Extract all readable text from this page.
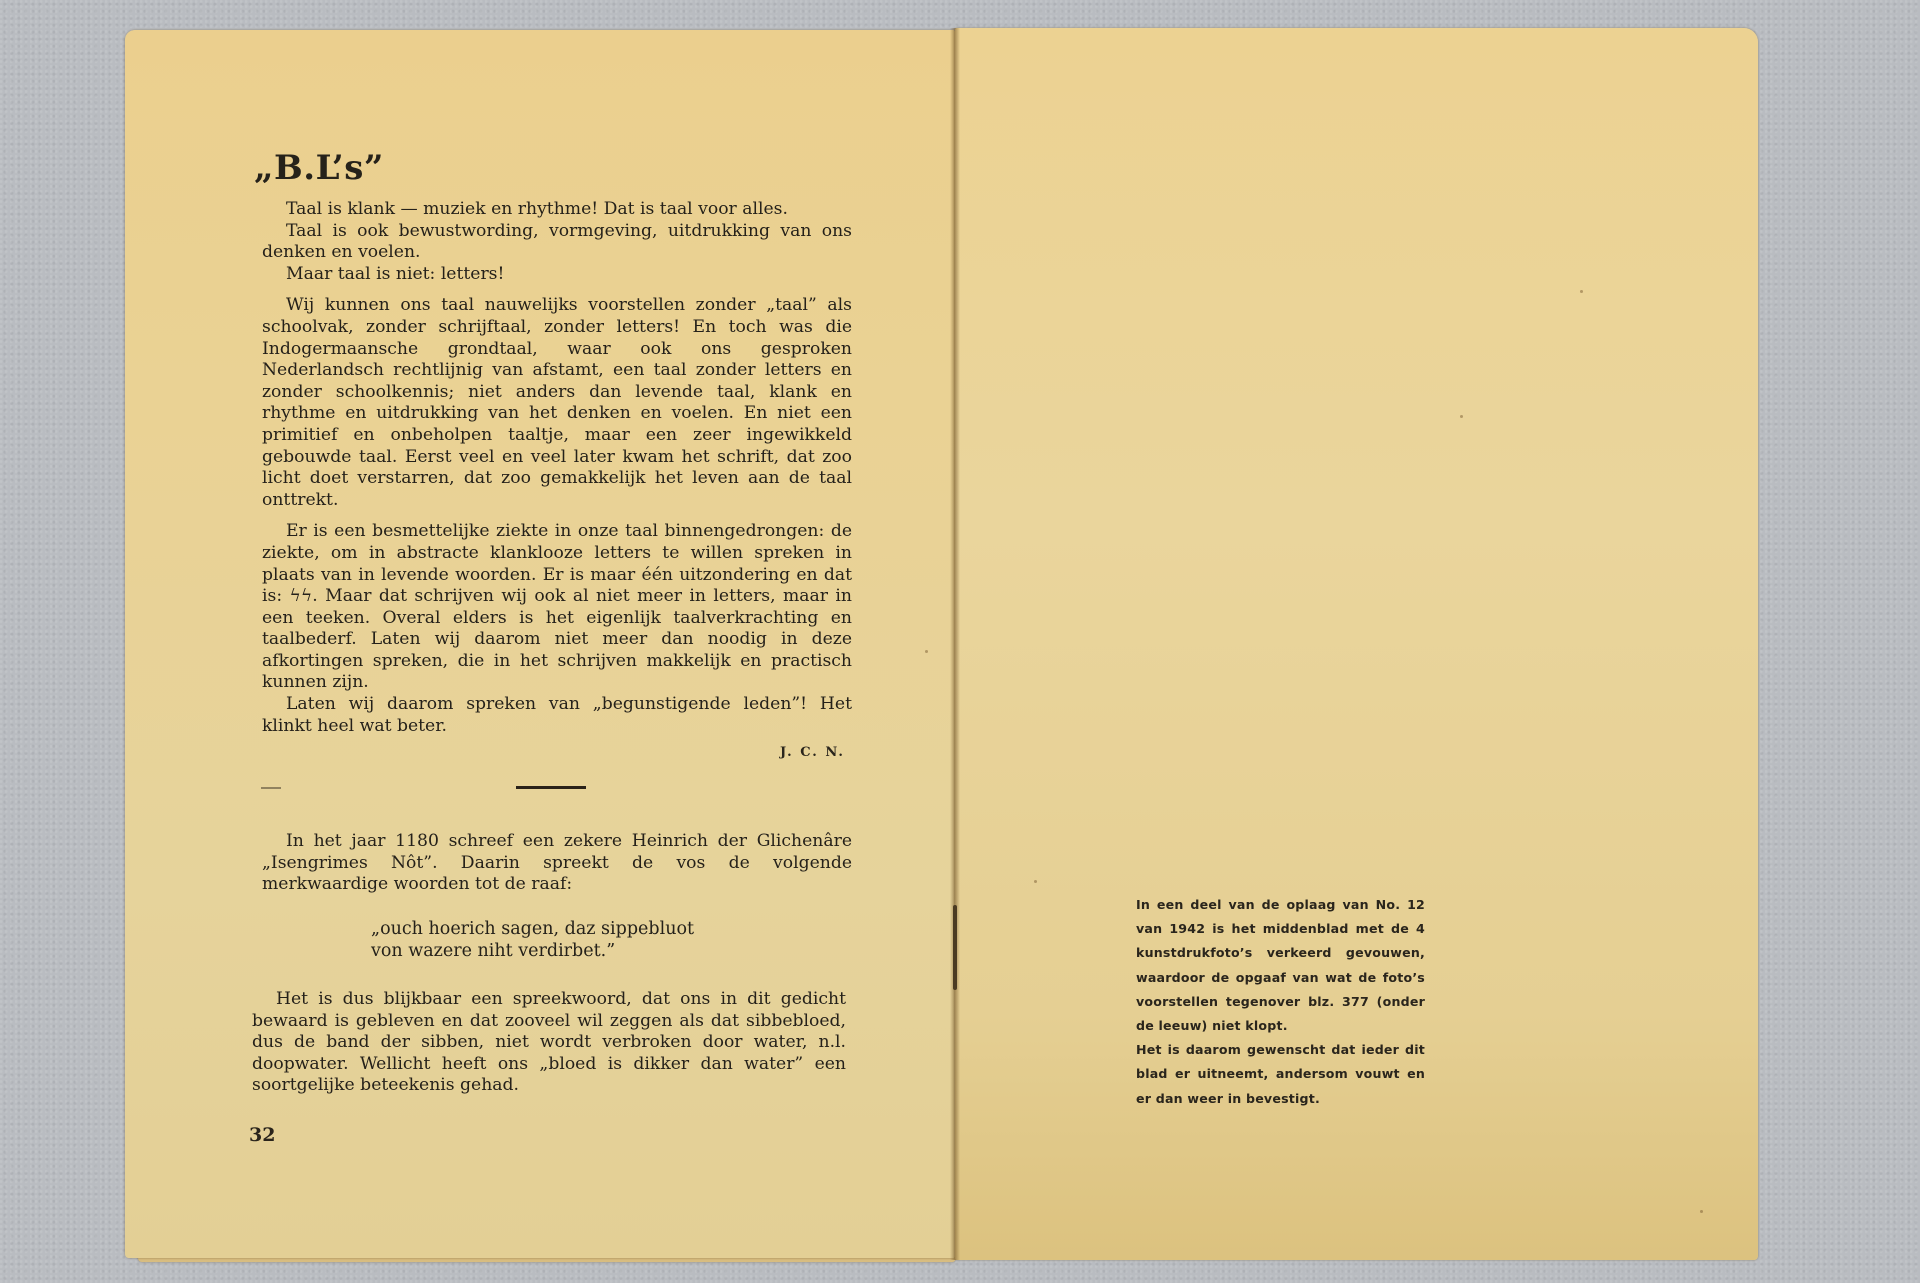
„B.L’s”

Taal is klank — muziek en rhythme! Dat is taal voor alles.

Taal is ook bewustwording, vormgeving, uitdrukking van ons denken en voelen.

Maar taal is niet: letters!

Wij kunnen ons taal nauwelijks voorstellen zonder „taal” als schoolvak, zonder schrijftaal, zonder letters! En toch was die Indogermaansche grondtaal, waar ook ons gesproken Nederlandsch rechtlijnig van afstamt, een taal zonder letters en zonder schoolkennis; niet anders dan levende taal, klank en rhythme en uitdrukking van het denken en voelen. En niet een primitief en onbeholpen taaltje, maar een zeer ingewikkeld gebouwde taal. Eerst veel en veel later kwam het schrift, dat zoo licht doet verstarren, dat zoo gemakkelijk het leven aan de taal onttrekt.

Er is een besmettelijke ziekte in onze taal binnengedrongen: de ziekte, om in abstracte klanklooze letters te willen spreken in plaats van in levende woorden. Er is maar één uitzondering en dat is: ϟϟ. Maar dat schrijven wij ook al niet meer in letters, maar in een teeken. Overal elders is het eigenlijk taalverkrachting en taalbederf. Laten wij daarom niet meer dan noodig in deze afkortingen spreken, die in het schrijven makkelijk en practisch kunnen zijn.

Laten wij daarom spreken van „begunstigende leden”! Het klinkt heel wat beter.

J. C. N.

In het jaar 1180 schreef een zekere Heinrich der Glichenâre „Isengrimes Nôt”. Daarin spreekt de vos de volgende merkwaardige woorden tot de raaf:

„ouch hoerich sagen, daz sippebluot
von wazere niht verdirbet.”

Het is dus blijkbaar een spreekwoord, dat ons in dit gedicht bewaard is gebleven en dat zooveel wil zeggen als dat sibbebloed, dus de band der sibben, niet wordt verbroken door water, n.l. doopwater. Wellicht heeft ons „bloed is dikker dan water” een soortgelijke beteekenis gehad.

32

In een deel van de oplaag van No. 12 van 1942 is het middenblad met de 4 kunstdrukfoto’s verkeerd gevouwen, waardoor de opgaaf van wat de foto’s voorstellen tegenover blz. 377 (onder de leeuw) niet klopt.

Het is daarom gewenscht dat ieder dit blad er uitneemt, andersom vouwt en er dan weer in bevestigt.
